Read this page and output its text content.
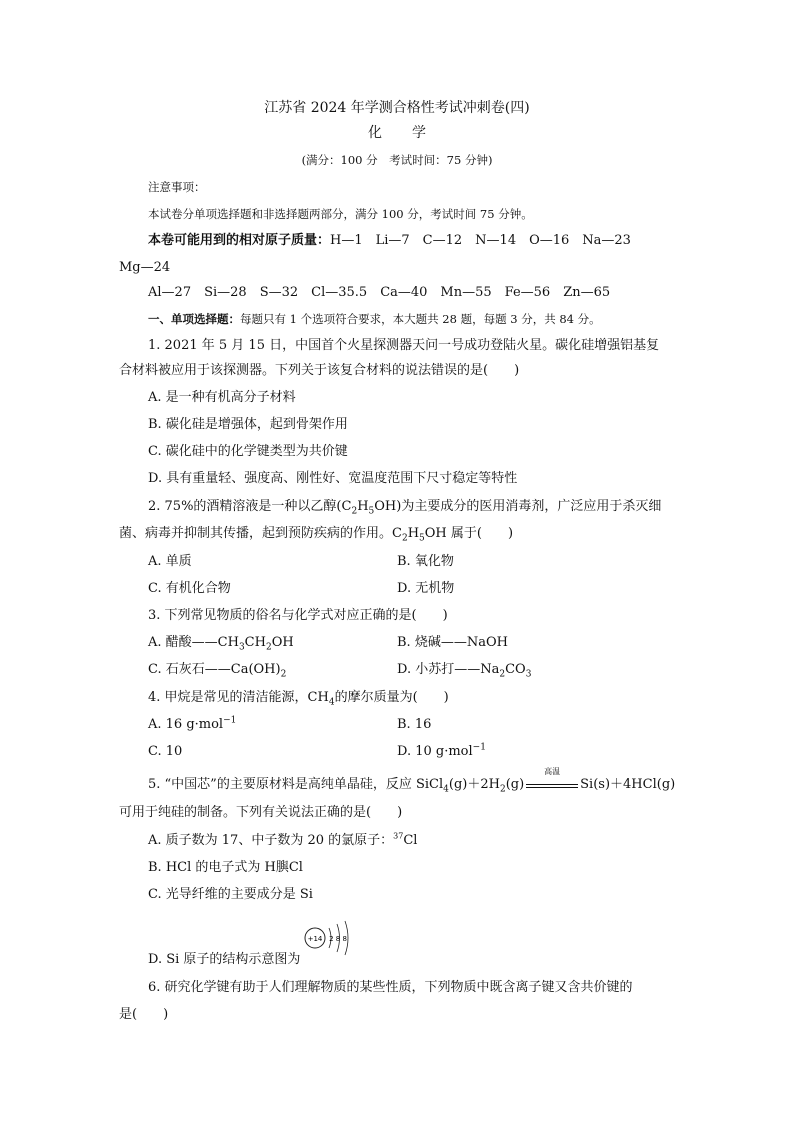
江苏省 2024 年学测合格性考试冲刺卷(四)
化学
(满分：100 分　考试时间：75 分钟)
注意事项：
本试卷分单项选择题和非选择题两部分，满分 100 分，考试时间 75 分钟。
本卷可能用到的相对原子质量：H—1　Li—7　C—12　N—14　O—16　Na—23
Mg—24
Al—27　Si—28　S—32　Cl—35.5　Ca—40　Mn—55　Fe—56　Zn—65
一、单项选择题：每题只有 1 个选项符合要求，本大题共 28 题，每题 3 分，共 84 分。
1. 2021 年 5 月 15 日，中国首个火星探测器天问一号成功登陆火星。碳化硅增强铝基复
合材料被应用于该探测器。下列关于该复合材料的说法错误的是(　　)
A. 是一种有机高分子材料
B. 碳化硅是增强体，起到骨架作用
C. 碳化硅中的化学键类型为共价键
D. 具有重量轻、强度高、刚性好、宽温度范围下尺寸稳定等特性
2. 75%的酒精溶液是一种以乙醇$(C_2H_5OH)$为主要成分的医用消毒剂，广泛应用于杀灭细
菌、病毒并抑制其传播，起到预防疾病的作用。$C_2H_5OH$ 属于(　　)
A. 单质	B. 氧化物
C. 有机化合物	D. 无机物
3. 下列常见物质的俗名与化学式对应正确的是(　　)
A. 醋酸$——CH_3CH_2OH$	B. 烧碱——NaOH
C. 石灰石$——Ca(OH)_2$	D. 小苏打$——Na_2CO_3$
4. 甲烷是常见的清洁能源，$CH_4$的摩尔质量为(　　)
A. 16 g·mol$^{-1}$	B. 16
C. 10	D. 10 g·mol$^{-1}$
5. “中国芯”的主要原材料是高纯单晶硅，反应 $SiCl_4(g)+2H_2(g)$
高温
Si(s)＋4HCl(g)
可用于纯硅的制备。下列有关说法正确的是(　　)
A. 质子数为 17、中子数为 20 的氯原子：$^{37}$Cl
B. HCl 的电子式为 H䑂Cl
C. 光导纤维的主要成分是 Si
+14 2 8 8
D. Si 原子的结构示意图为
6. 研究化学键有助于人们理解物质的某些性质，下列物质中既含离子键又含共价键的
是(　　)
